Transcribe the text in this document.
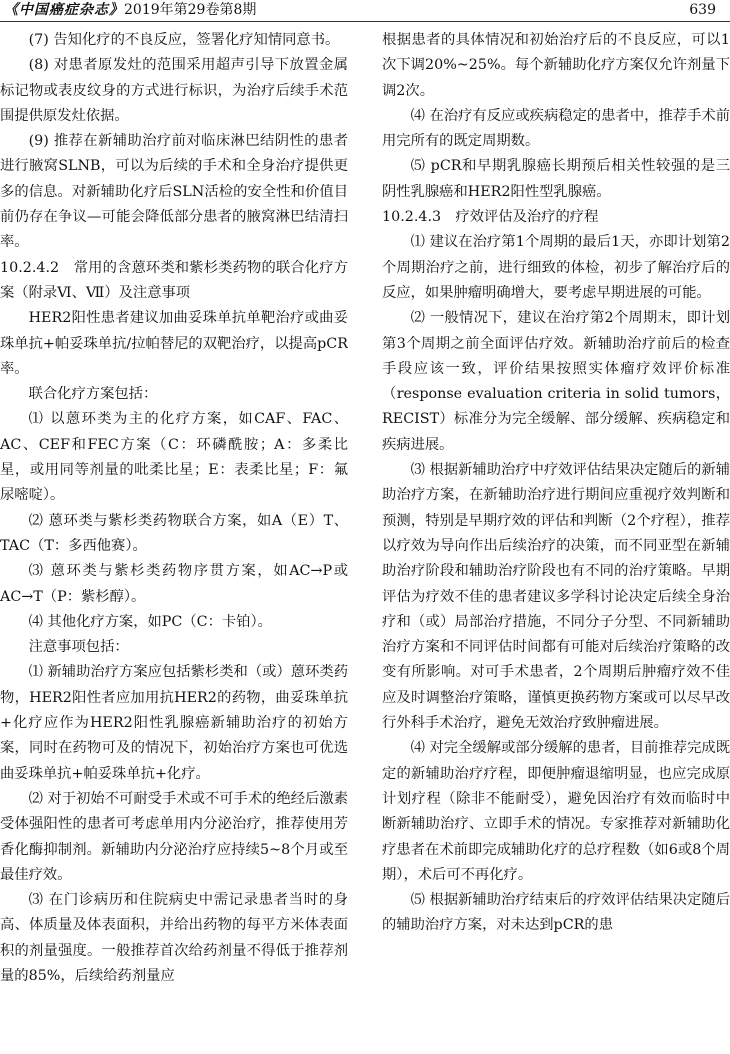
《中国癌症杂志》2019年第29卷第8期	639

(7) 告知化疗的不良反应，签署化疗知情同意书。

(8) 对患者原发灶的范围采用超声引导下放置金属标记物或表皮纹身的方式进行标识，为治疗后续手术范围提供原发灶依据。

(9) 推荐在新辅助治疗前对临床淋巴结阴性的患者进行腋窝SLNB，可以为后续的手术和全身治疗提供更多的信息。对新辅助化疗后SLN活检的安全性和价值目前仍存在争议—可能会降低部分患者的腋窝淋巴结清扫率。

10.2.4.2　常用的含蒽环类和紫杉类药物的联合化疗方案（附录Ⅵ、Ⅶ）及注意事项

HER2阳性患者建议加曲妥珠单抗单靶治疗或曲妥珠单抗+帕妥珠单抗/拉帕替尼的双靶治疗，以提高pCR率。

联合化疗方案包括：

⑴ 以蒽环类为主的化疗方案，如CAF、FAC、AC、CEF和FEC方案（C：环磷酰胺；A：多柔比星，或用同等剂量的吡柔比星；E：表柔比星；F：氟尿嘧啶）。

⑵ 蒽环类与紫杉类药物联合方案，如A（E）T、TAC（T：多西他赛）。

⑶ 蒽环类与紫杉类药物序贯方案，如AC→P或AC→T（P：紫杉醇）。

⑷ 其他化疗方案，如PC（C：卡铂）。

注意事项包括：

⑴ 新辅助治疗方案应包括紫杉类和（或）蒽环类药物，HER2阳性者应加用抗HER2的药物，曲妥珠单抗+化疗应作为HER2阳性乳腺癌新辅助治疗的初始方案，同时在药物可及的情况下，初始治疗方案也可优选曲妥珠单抗+帕妥珠单抗+化疗。

⑵ 对于初始不可耐受手术或不可手术的绝经后激素受体强阳性的患者可考虑单用内分泌治疗，推荐使用芳香化酶抑制剂。新辅助内分泌治疗应持续5~8个月或至最佳疗效。

⑶ 在门诊病历和住院病史中需记录患者当时的身高、体质量及体表面积，并给出药物的每平方米体表面积的剂量强度。一般推荐首次给药剂量不得低于推荐剂量的85%，后续给药剂量应

根据患者的具体情况和初始治疗后的不良反应，可以1次下调20%~25%。每个新辅助化疗方案仅允许剂量下调2次。

⑷ 在治疗有反应或疾病稳定的患者中，推荐手术前用完所有的既定周期数。

⑸ pCR和早期乳腺癌长期预后相关性较强的是三阴性乳腺癌和HER2阳性型乳腺癌。

10.2.4.3　疗效评估及治疗的疗程

⑴ 建议在治疗第1个周期的最后1天，亦即计划第2个周期治疗之前，进行细致的体检，初步了解治疗后的反应，如果肿瘤明确增大，要考虑早期进展的可能。

⑵ 一般情况下，建议在治疗第2个周期末，即计划第3个周期之前全面评估疗效。新辅助治疗前后的检查手段应该一致，评价结果按照实体瘤疗效评价标准（response evaluation criteria in solid tumors，RECIST）标准分为完全缓解、部分缓解、疾病稳定和疾病进展。

⑶ 根据新辅助治疗中疗效评估结果决定随后的新辅助治疗方案，在新辅助治疗进行期间应重视疗效判断和预测，特别是早期疗效的评估和判断（2个疗程），推荐以疗效为导向作出后续治疗的决策，而不同亚型在新辅助治疗阶段和辅助治疗阶段也有不同的治疗策略。早期评估为疗效不佳的患者建议多学科讨论决定后续全身治疗和（或）局部治疗措施，不同分子分型、不同新辅助治疗方案和不同评估时间都有可能对后续治疗策略的改变有所影响。对可手术患者，2个周期后肿瘤疗效不佳应及时调整治疗策略，谨慎更换药物方案或可以尽早改行外科手术治疗，避免无效治疗致肿瘤进展。

⑷ 对完全缓解或部分缓解的患者，目前推荐完成既定的新辅助治疗疗程，即便肿瘤退缩明显，也应完成原计划疗程（除非不能耐受），避免因治疗有效而临时中断新辅助治疗、立即手术的情况。专家推荐对新辅助化疗患者在术前即完成辅助化疗的总疗程数（如6或8个周期），术后可不再化疗。

⑸ 根据新辅助治疗结束后的疗效评估结果决定随后的辅助治疗方案，对未达到pCR的患
